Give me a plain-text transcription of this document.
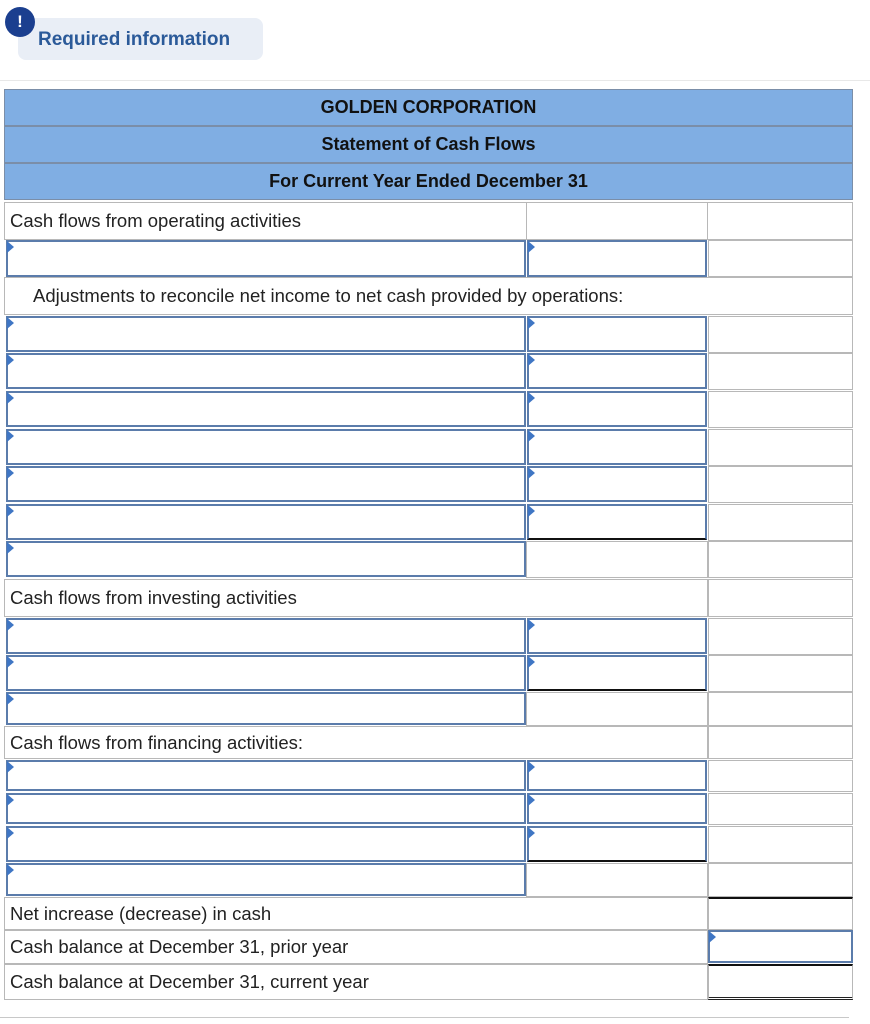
!
Required information
GOLDEN CORPORATION
Statement of Cash Flows
For Current Year Ended December 31
Cash flows from operating activities
Adjustments to reconcile net income to net cash provided by operations:
Cash flows from investing activities
Cash flows from financing activities:
Net increase (decrease) in cash
Cash balance at December 31, prior year
Cash balance at December 31, current year
